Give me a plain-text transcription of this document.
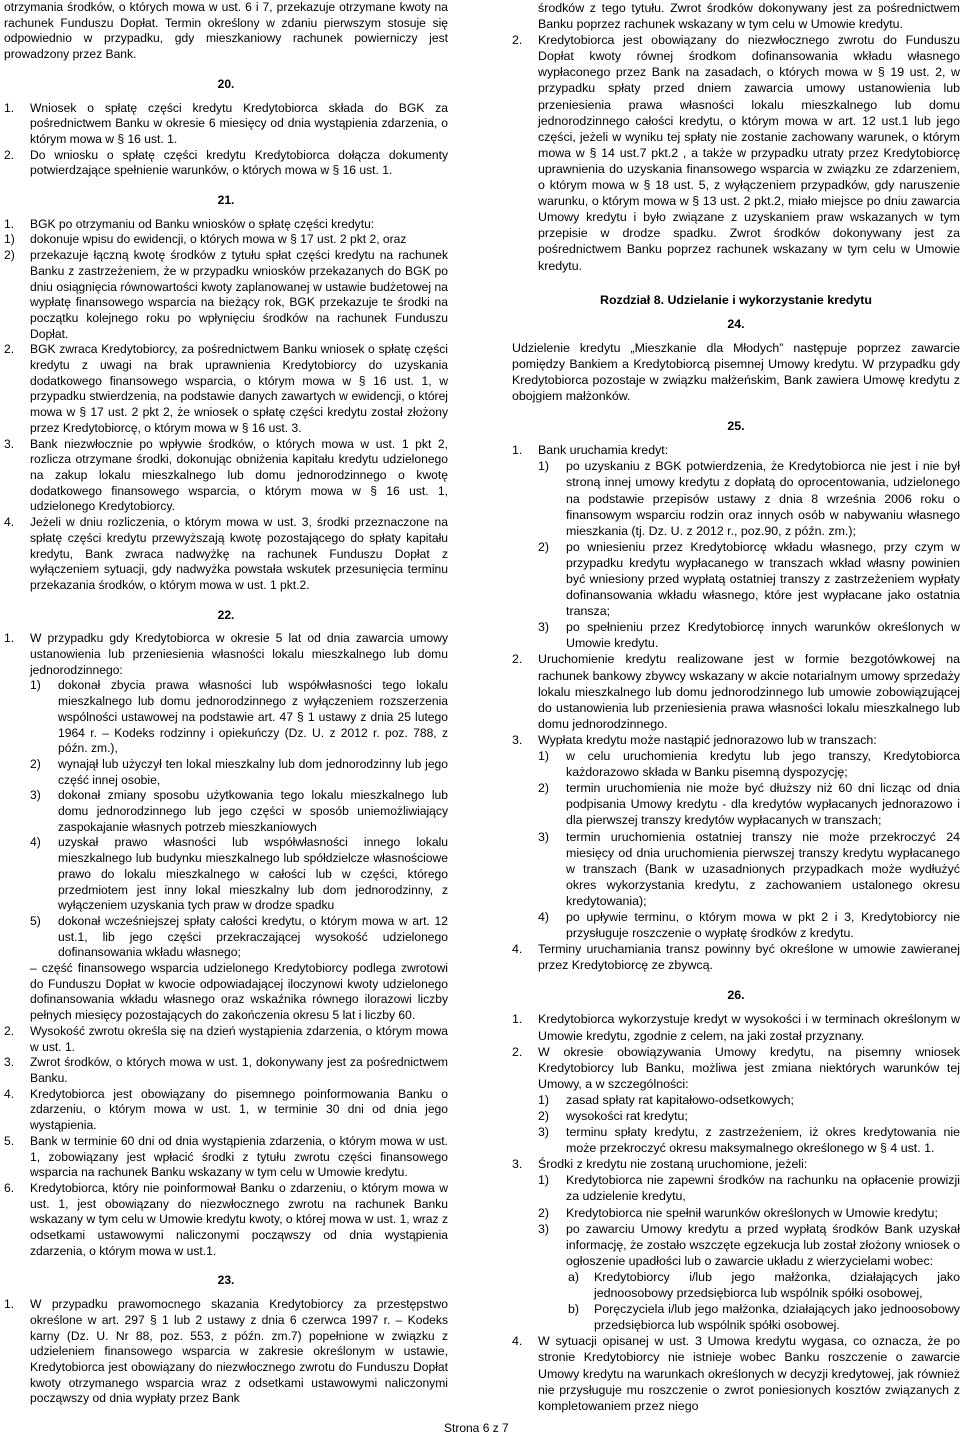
otrzymania środków, o których mowa w ust. 6 i 7, przekazuje otrzymane kwoty na rachunek Funduszu Dopłat. Termin określony w zdaniu pierwszym stosuje się odpowiednio w przypadku, gdy mieszkaniowy rachunek powierniczy jest prowadzony przez Bank.

20.

1. Wniosek o spłatę części kredytu Kredytobiorca składa do BGK za pośrednictwem Banku w okresie 6 miesięcy od dnia wystąpienia zdarzenia, o którym mowa w § 16 ust. 1.

2. Do wniosku o spłatę części kredytu Kredytobiorca dołącza dokumenty potwierdzające spełnienie warunków, o których mowa w § 16 ust. 1.

21.

1. BGK po otrzymaniu od Banku wniosków o spłatę części kredytu:

1) dokonuje wpisu do ewidencji, o których mowa w § 17 ust. 2 pkt 2, oraz

2) przekazuje łączną kwotę środków z tytułu spłat części kredytu na rachunek Banku z zastrzeżeniem, że w przypadku wniosków przekazanych do BGK po dniu osiągnięcia równowartości kwoty zaplanowanej w ustawie budżetowej na wypłatę finansowego wsparcia na bieżący rok, BGK przekazuje te środki na początku kolejnego roku po wpłynięciu środków na rachunek Funduszu Dopłat.

2. BGK zwraca Kredytobiorcy, za pośrednictwem Banku wniosek o spłatę części kredytu z uwagi na brak uprawnienia Kredytobiorcy do uzyskania dodatkowego finansowego wsparcia, o którym mowa w § 16 ust. 1, w przypadku stwierdzenia, na podstawie danych zawartych w ewidencji, o której mowa w § 17 ust. 2 pkt 2, że wniosek o spłatę części kredytu został złożony przez Kredytobiorcę, o którym mowa w § 16 ust. 3.

3. Bank niezwłocznie po wpływie środków, o których mowa w ust. 1 pkt 2, rozlicza otrzymane środki, dokonując obniżenia kapitału kredytu udzielonego na zakup lokalu mieszkalnego lub domu jednorodzinnego o kwotę dodatkowego finansowego wsparcia, o którym mowa w § 16 ust. 1, udzielonego Kredytobiorcy.

4. Jeżeli w dniu rozliczenia, o którym mowa w ust. 3, środki przeznaczone na spłatę części kredytu przewyższają kwotę pozostającego do spłaty kapitału kredytu, Bank zwraca nadwyżkę na rachunek Funduszu Dopłat z wyłączeniem sytuacji, gdy nadwyżka powstała wskutek przesunięcia terminu przekazania środków, o którym mowa w ust. 1 pkt.2.

22.

1. W przypadku gdy Kredytobiorca w okresie 5 lat od dnia zawarcia umowy ustanowienia lub przeniesienia własności lokalu mieszkalnego lub domu jednorodzinnego:

1) dokonał zbycia prawa własności lub współwłasności tego lokalu mieszkalnego lub domu jednorodzinnego z wyłączeniem rozszerzenia wspólności ustawowej na podstawie art. 47 § 1 ustawy z dnia 25 lutego 1964 r. – Kodeks rodzinny i opiekuńczy (Dz. U. z 2012 r. poz. 788, z późn. zm.),

2) wynajął lub użyczył ten lokal mieszkalny lub dom jednorodzinny lub jego część innej osobie,

3) dokonał zmiany sposobu użytkowania tego lokalu mieszkalnego lub domu jednorodzinnego lub jego części w sposób uniemożliwiający zaspokajanie własnych potrzeb mieszkaniowych

4) uzyskał prawo własności lub współwłasności innego lokalu mieszkalnego lub budynku mieszkalnego lub spółdzielcze własnościowe prawo do lokalu mieszkalnego w całości lub w części, którego przedmiotem jest inny lokal mieszkalny lub dom jednorodzinny, z wyłączeniem uzyskania tych praw w drodze spadku

5) dokonał wcześniejszej spłaty całości kredytu, o którym mowa w art. 12 ust.1, lib jego części przekraczającej wysokość udzielonego dofinansowania wkładu własnego;

– część finansowego wsparcia udzielonego Kredytobiorcy podlega zwrotowi do Funduszu Dopłat w kwocie odpowiadającej iloczynowi kwoty udzielonego dofinansowania wkładu własnego oraz wskaźnika równego ilorazowi liczby pełnych miesięcy pozostających do zakończenia okresu 5 lat i liczby 60.

2. Wysokość zwrotu określa się na dzień wystąpienia zdarzenia, o którym mowa w ust. 1.

3. Zwrot środków, o których mowa w ust. 1, dokonywany jest za pośrednictwem Banku.

4. Kredytobiorca jest obowiązany do pisemnego poinformowania Banku o zdarzeniu, o którym mowa w ust. 1, w terminie 30 dni od dnia jego wystąpienia.

5. Bank w terminie 60 dni od dnia wystąpienia zdarzenia, o którym mowa w ust. 1, zobowiązany jest wpłacić środki z tytułu zwrotu części finansowego wsparcia na rachunek Banku wskazany w tym celu w Umowie kredytu.

6. Kredytobiorca, który nie poinformował Banku o zdarzeniu, o którym mowa w ust. 1, jest obowiązany do niezwłocznego zwrotu na rachunek Banku wskazany w tym celu w Umowie kredytu kwoty, o której mowa w ust. 1, wraz z odsetkami ustawowymi naliczonymi począwszy od dnia wystąpienia zdarzenia, o którym mowa w ust.1.

23.

1. W przypadku prawomocnego skazania Kredytobiorcy za przestępstwo określone w art. 297 § 1 lub 2 ustawy z dnia 6 czerwca 1997 r. – Kodeks karny (Dz. U. Nr 88, poz. 553, z późn. zm.7) popełnione w związku z udzieleniem finansowego wsparcia w zakresie określonym w ustawie, Kredytobiorca jest obowiązany do niezwłocznego zwrotu do Funduszu Dopłat kwoty otrzymanego wsparcia wraz z odsetkami ustawowymi naliczonymi począwszy od dnia wypłaty przez Bank

środków z tego tytułu. Zwrot środków dokonywany jest za pośrednictwem Banku poprzez rachunek wskazany w tym celu w Umowie kredytu.

2. Kredytobiorca jest obowiązany do niezwłocznego zwrotu do Funduszu Dopłat kwoty równej środkom dofinansowania wkładu własnego wypłaconego przez Bank na zasadach, o których mowa w § 19 ust. 2, w przypadku spłaty przed dniem zawarcia umowy ustanowienia lub przeniesienia prawa własności lokalu mieszkalnego lub domu jednorodzinnego całości kredytu, o którym mowa w art. 12 ust.1 lub jego części, jeżeli w wyniku tej spłaty nie zostanie zachowany warunek, o którym mowa w § 14 ust.7 pkt.2 , a także w przypadku utraty przez Kredytobiorcę uprawnienia do uzyskania finansowego wsparcia w związku ze zdarzeniem, o którym mowa w § 18 ust. 5, z wyłączeniem przypadków, gdy naruszenie warunku, o którym mowa w § 13 ust. 2 pkt.2, miało miejsce po dniu zawarcia Umowy kredytu i było związane z uzyskaniem praw wskazanych w tym przepisie w drodze spadku. Zwrot środków dokonywany jest za pośrednictwem Banku poprzez rachunek wskazany w tym celu w Umowie kredytu.

Rozdział 8. Udzielanie i wykorzystanie kredytu

24.

Udzielenie kredytu „Mieszkanie dla Młodych” następuje poprzez zawarcie pomiędzy Bankiem a Kredytobiorcą pisemnej Umowy kredytu. W przypadku gdy Kredytobiorca pozostaje w związku małżeńskim, Bank zawiera Umowę kredytu z obojgiem małżonków.

25.

1. Bank uruchamia kredyt:

1) po uzyskaniu z BGK potwierdzenia, że Kredytobiorca nie jest i nie był stroną innej umowy kredytu z dopłatą do oprocentowania, udzielonego na podstawie przepisów ustawy z dnia 8 września 2006 roku o finansowym wsparciu rodzin oraz innych osób w nabywaniu własnego mieszkania (tj. Dz. U. z 2012 r., poz.90, z późn. zm.);

2) po wniesieniu przez Kredytobiorcę wkładu własnego, przy czym w przypadku kredytu wypłacanego w transzach wkład własny powinien być wniesiony przed wypłatą ostatniej transzy z zastrzeżeniem wypłaty dofinansowania wkładu własnego, które jest wypłacane jako ostatnia transza;

3) po spełnieniu przez Kredytobiorcę innych warunków określonych w Umowie kredytu.

2. Uruchomienie kredytu realizowane jest w formie bezgotówkowej na rachunek bankowy zbywcy wskazany w akcie notarialnym umowy sprzedaży lokalu mieszkalnego lub domu jednorodzinnego lub umowie zobowiązującej do ustanowienia lub przeniesienia prawa własności lokalu mieszkalnego lub domu jednorodzinnego.

3. Wypłata kredytu może nastąpić jednorazowo lub w transzach:

1) w celu uruchomienia kredytu lub jego transzy, Kredytobiorca każdorazowo składa w Banku pisemną dyspozycję;

2) termin uruchomienia nie może być dłuższy niż 60 dni licząc od dnia podpisania Umowy kredytu - dla kredytów wypłacanych jednorazowo i dla pierwszej transzy kredytów wypłacanych w transzach;

3) termin uruchomienia ostatniej transzy nie może przekroczyć 24 miesięcy od dnia uruchomienia pierwszej transzy kredytu wypłacanego w transzach (Bank w uzasadnionych przypadkach może wydłużyć okres wykorzystania kredytu, z zachowaniem ustalonego okresu kredytowania);

4) po upływie terminu, o którym mowa w pkt 2 i 3, Kredytobiorcy nie przysługuje roszczenie o wypłatę środków z kredytu.

4. Terminy uruchamiania transz powinny być określone w umowie zawieranej przez Kredytobiorcę ze zbywcą.

26.

1. Kredytobiorca wykorzystuje kredyt w wysokości i w terminach określonym w Umowie kredytu, zgodnie z celem, na jaki został przyznany.

2. W okresie obowiązywania Umowy kredytu, na pisemny wniosek Kredytobiorcy lub Banku, możliwa jest zmiana niektórych warunków tej Umowy, a w szczególności:

1) zasad spłaty rat kapitałowo-odsetkowych;

2) wysokości rat kredytu;

3) terminu spłaty kredytu, z zastrzeżeniem, iż okres kredytowania nie może przekroczyć okresu maksymalnego określonego w § 4 ust. 1.

3. Środki z kredytu nie zostaną uruchomione, jeżeli:

1) Kredytobiorca nie zapewni środków na rachunku na opłacenie prowizji za udzielenie kredytu,

2) Kredytobiorca nie spełnił warunków określonych w Umowie kredytu;

3) po zawarciu Umowy kredytu a przed wypłatą środków Bank uzyskał informację, że zostało wszczęte egzekucja lub został złożony wniosek o ogłoszenie upadłości lub o zawarcie układu z wierzycielami wobec:

a) Kredytobiorcy i/lub jego małżonka, działających jako jednoosobowy przedsiębiorca lub wspólnik spółki osobowej,

b) Poręczyciela i/lub jego małżonka, działających jako jednoosobowy przedsiębiorca lub wspólnik spółki osobowej.

4. W sytuacji opisanej w ust. 3 Umowa kredytu wygasa, co oznacza, że po stronie Kredytobiorcy nie istnieje wobec Banku roszczenie o zawarcie Umowy kredytu na warunkach określonych w decyzji kredytowej, jak również nie przysługuje mu roszczenie o zwrot poniesionych kosztów związanych z kompletowaniem przez niego

Strona 6 z 7
